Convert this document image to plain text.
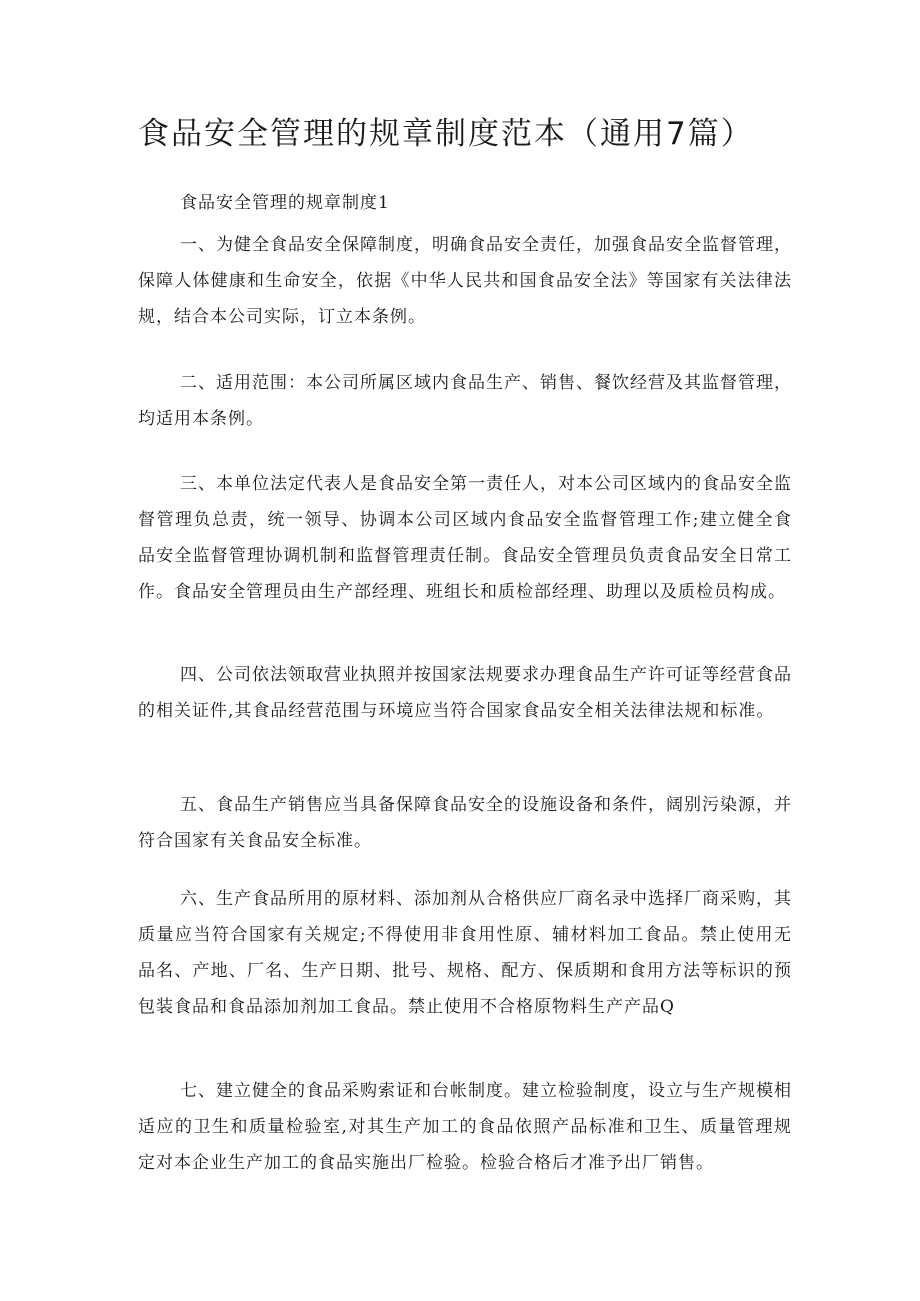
食品安全管理的规章制度范本（通用7篇）
食品安全管理的规章制度1

一、为健全食品安全保障制度，明确食品安全责任，加强食品安全监督管理，保障人体健康和生命安全，依据《中华人民共和国食品安全法》等国家有关法律法规，结合本公司实际，订立本条例。

二、适用范围：本公司所属区域内食品生产、销售、餐饮经营及其监督管理，均适用本条例。

三、本单位法定代表人是食品安全第一责任人，对本公司区域内的食品安全监督管理负总责，统一领导、协调本公司区域内食品安全监督管理工作;建立健全食品安全监督管理协调机制和监督管理责任制。食品安全管理员负责食品安全日常工作。食品安全管理员由生产部经理、班组长和质检部经理、助理以及质检员构成。

四、公司依法领取营业执照并按国家法规要求办理食品生产许可证等经营食品的相关证件,其食品经营范围与环境应当符合国家食品安全相关法律法规和标准。

五、食品生产销售应当具备保障食品安全的设施设备和条件，阔别污染源，并符合国家有关食品安全标准。

六、生产食品所用的原材料、添加剂从合格供应厂商名录中选择厂商采购，其质量应当符合国家有关规定;不得使用非食用性原、辅材料加工食品。禁止使用无品名、产地、厂名、生产日期、批号、规格、配方、保质期和食用方法等标识的预包装食品和食品添加剂加工食品。禁止使用不合格原物料生产产品Q

七、建立健全的食品采购索证和台帐制度。建立检验制度，设立与生产规模相适应的卫生和质量检验室,对其生产加工的食品依照产品标准和卫生、质量管理规定对本企业生产加工的食品实施出厂检验。检验合格后才准予出厂销售。
